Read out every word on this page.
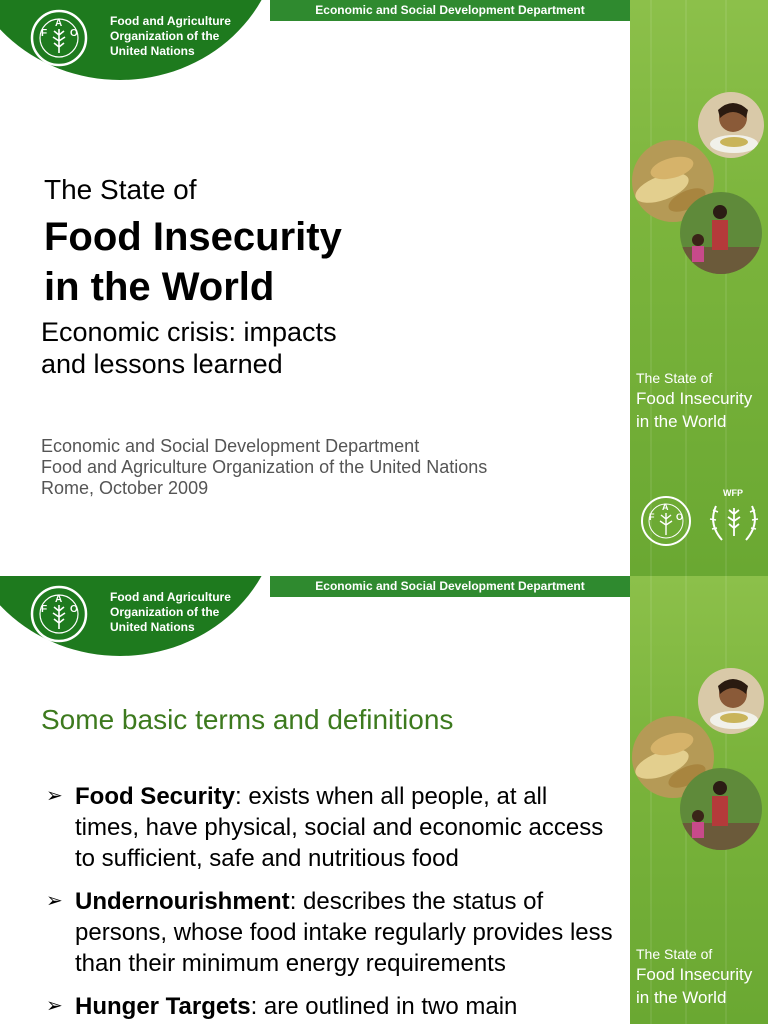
F
A
O
Food and Agriculture
Organization of the
United Nations
Economic and Social Development Department
The State of
Food Insecurity
in the World
Economic crisis: impacts
and lessons learned
Economic and Social Development Department
Food and Agriculture Organization of the United Nations
Rome, October 2009
The State of
Food Insecurity
in the World
F
A
O
WFP
F
A
O
Food and Agriculture
Organization of the
United Nations
Economic and Social Development Department
Some basic terms and definitions
➢ Food Security: exists when all people, at all times, have physical, social and economic access to sufficient, safe and nutritious food
➢ Undernourishment: describes the status of persons, whose food intake regularly provides less than their minimum energy requirements
➢ Hunger Targets: are outlined in two main
The State of
Food Insecurity
in the World
